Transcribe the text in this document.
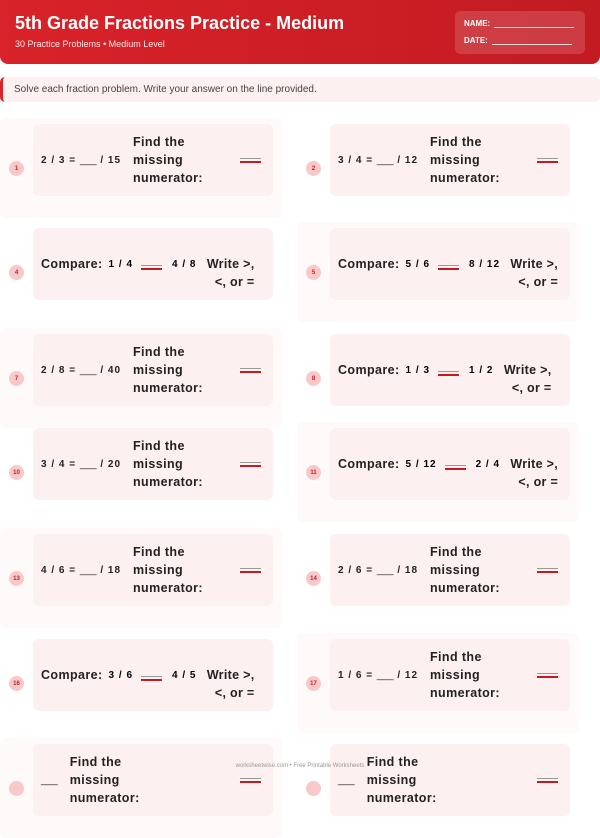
5th Grade Fractions Practice - Medium
30 Practice Problems • Medium Level
NAME:
DATE:
Solve each fraction problem. Write your answer on the line provided.
1
2 / 3 = ___ / 15
Find the missing numerator:
2
3 / 4 = ___ / 12
Find the missing numerator:
4
Compare: 1 / 4	4 / 8 Write >, <, or =
5
Compare: 5 / 6	8 / 12 Write >, <, or =
7
2 / 8 = ___ / 40
Find the missing numerator:
8
Compare: 1 / 3	1 / 2 Write >, <, or =
10
3 / 4 = ___ / 20
Find the missing numerator:
11
Compare: 5 / 12	2 / 4 Write >, <, or =
13
4 / 6 = ___ / 18
Find the missing numerator:
14
2 / 6 = ___ / 18
Find the missing numerator:
16
Compare: 3 / 6	4 / 5 Write >, <, or =
17
1 / 6 = ___ / 12
Find the missing numerator:
___
Find the missing numerator:
___
Find the missing numerator:
worksheetwise.com • Free Printable Worksheets
